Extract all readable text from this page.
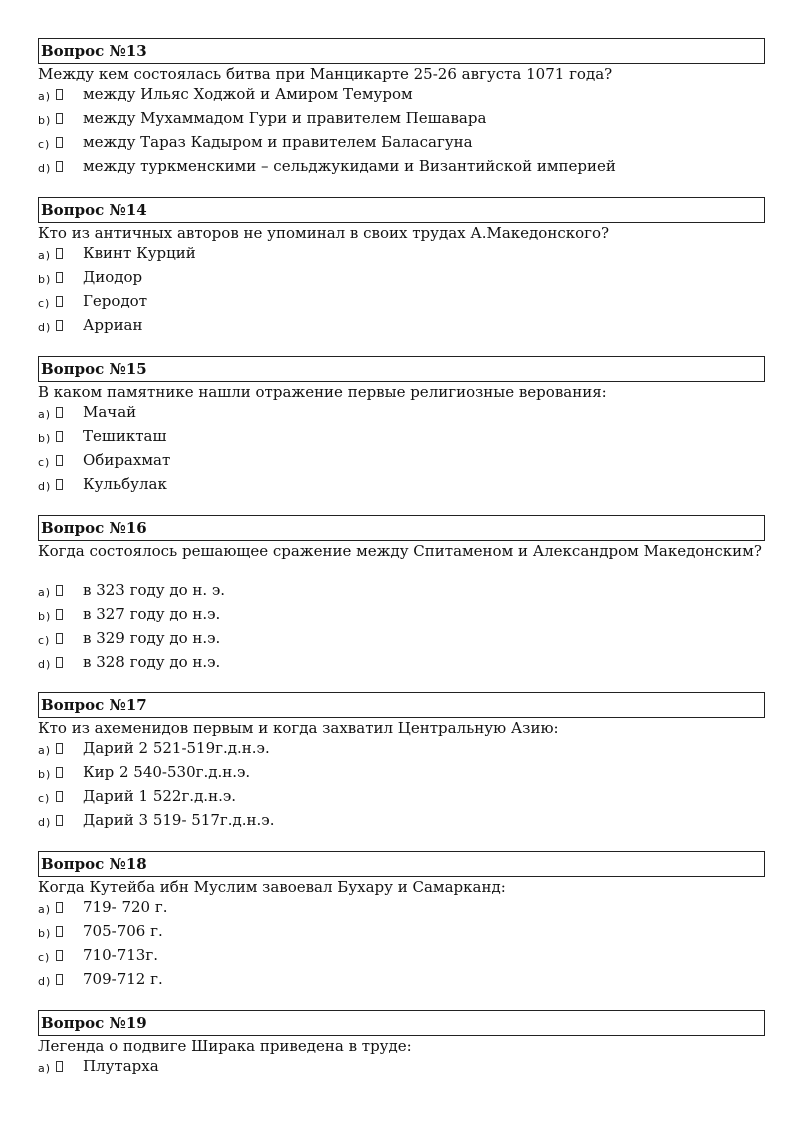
Вопрос №13
Между кем состоялась битва при Манцикарте 25-26 августа 1071 года?
a) между Ильяс Ходжой и Амиром Темуром
b) между Мухаммадом Гури и правителем Пешавара
c) между Тараз Кадыром и правителем Баласагуна
d) между туркменскими – сельджукидами и Византийской империей
Вопрос №14
Кто из античных авторов не упоминал в своих трудах А.Македонского?
a) Квинт Курций
b) Диодор
c) Геродот
d) Арриан
Вопрос №15
В каком памятнике нашли отражение первые религиозные верования:
a) Мачай
b) Тешикташ
c) Обирахмат
d) Кульбулак
Вопрос №16
Когда состоялось решающее сражение между Спитаменом и Александром Македонским?
a) в 323 году до н. э.
b) в 327 году до н.э.
c) в 329 году до н.э.
d) в 328 году до н.э.
Вопрос №17
Кто из ахеменидов первым и когда захватил Центральную Азию:
a) Дарий 2 521-519г.д.н.э.
b) Кир 2 540-530г.д.н.э.
c) Дарий 1 522г.д.н.э.
d) Дарий 3 519- 517г.д.н.э.
Вопрос №18
Когда Кутейба ибн Муслим завоевал Бухару и Самарканд:
a) 719- 720 г.
b) 705-706 г.
c) 710-713г.
d) 709-712 г.
Вопрос №19
Легенда о подвиге Ширака приведена в труде:
a) Плутарха
